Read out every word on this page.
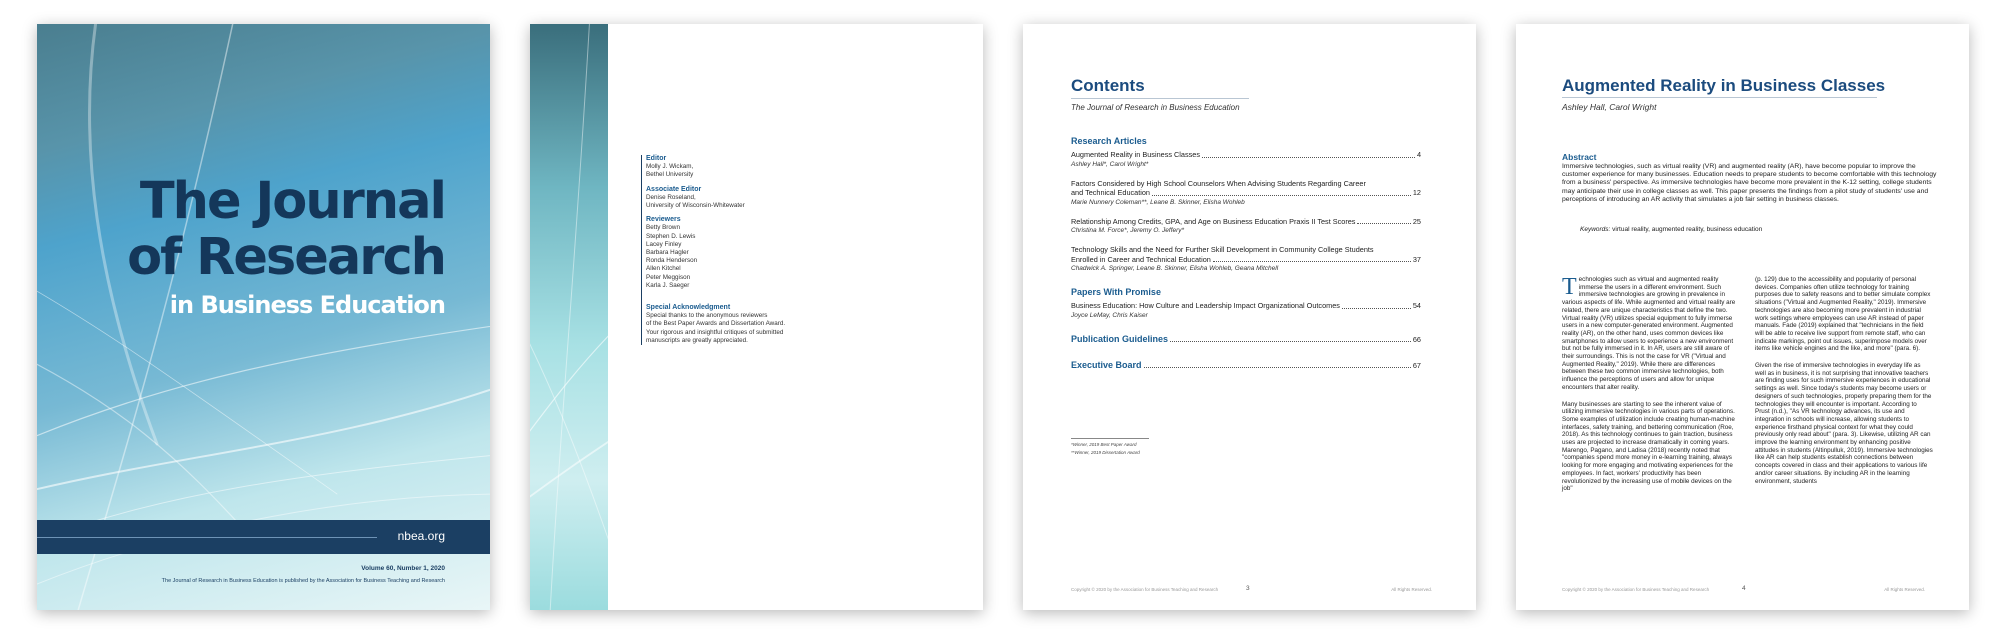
The Journal
of Research
in Business Education
nbea.org
Volume 60, Number 1, 2020
The Journal of Research in Business Education is published by the Association for Business Teaching and Research
Editor
Molly J. Wickam,
Bethel University
Associate Editor
Denise Roseland,
University of Wisconsin-Whitewater
Reviewers
Betty Brown
Stephen D. Lewis
Lacey Finley
Barbara Hagler
Ronda Henderson
Allen Kitchel
Peter Meggison
Karla J. Saeger
Special Acknowledgment
Special thanks to the anonymous reviewers
of the Best Paper Awards and Dissertation Award.
Your rigorous and insightful critiques of submitted
manuscripts are greatly appreciated.
Contents
The Journal of Research in Business Education
Research Articles
Augmented Reality in Business Classes	4
Ashley Hall*, Carol Wright*
Factors Considered by High School Counselors When Advising Students Regarding Career
and Technical Education	12
Marie Nunnery Coleman**, Leane B. Skinner, Elisha Wohleb
Relationship Among Credits, GPA, and Age on Business Education Praxis II Test Scores	25
Christina M. Force*, Jeremy O. Jeffery*
Technology Skills and the Need for Further Skill Development in Community College Students
Enrolled in Career and Technical Education	37
Chadwick A. Springer, Leane B. Skinner, Elisha Wohleb, Geana Mitchell
Papers With Promise
Business Education: How Culture and Leadership Impact Organizational Outcomes	54
Joyce LeMay, Chris Kaiser
Publication Guidelines	66
Executive Board	67
*Winner, 2019 Best Paper Award
**Winner, 2019 Dissertation Award
Copyright © 2020 by the Association for Business Teaching and Research	3	All Rights Reserved.
Augmented Reality in Business Classes
Ashley Hall, Carol Wright
Abstract
Immersive technologies, such as virtual reality (VR) and augmented reality (AR), have become popular to improve the customer experience for many businesses. Education needs to prepare students to become comfortable with this technology from a business' perspective. As immersive technologies have become more prevalent in the K-12 setting, college students may anticipate their use in college classes as well. This paper presents the findings from a pilot study of students' use and perceptions of introducing an AR activity that simulates a job fair setting in business classes.
Keywords: virtual reality, augmented reality, business education

T echnologies such as virtual and augmented reality immerse the users in a different environment. Such immersive technologies are growing in prevalence in various aspects of life. While augmented and virtual reality are related, there are unique characteristics that define the two. Virtual reality (VR) utilizes special equipment to fully immerse users in a new computer-generated environment. Augmented reality (AR), on the other hand, uses common devices like smartphones to allow users to experience a new environment but not be fully immersed in it. In AR, users are still aware of their surroundings. This is not the case for VR ("Virtual and Augmented Reality," 2019). While there are differences between these two common immersive technologies, both influence the perceptions of users and allow for unique encounters that alter reality.

Many businesses are starting to see the inherent value of utilizing immersive technologies in various parts of operations. Some examples of utilization include creating human-machine interfaces, safety training, and bettering communication (Roe, 2018). As this technology continues to gain traction, business uses are projected to increase dramatically in coming years. Marengo, Pagano, and Ladisa (2018) recently noted that "companies spend more money in e-learning training, always looking for more engaging and motivating experiences for the employees. In fact, workers' productivity has been revolutionized by the increasing use of mobile devices on the job"

(p. 129) due to the accessibility and popularity of personal devices. Companies often utilize technology for training purposes due to safety reasons and to better simulate complex situations ("Virtual and Augmented Reality," 2019). Immersive technologies are also becoming more prevalent in industrial work settings where employees can use AR instead of paper manuals. Fade (2019) explained that "technicians in the field will be able to receive live support from remote staff, who can indicate markings, point out issues, superimpose models over items like vehicle engines and the like, and more" (para. 6).

Given the rise of immersive technologies in everyday life as well as in business, it is not surprising that innovative teachers are finding uses for such immersive experiences in educational settings as well. Since today's students may become users or designers of such technologies, properly preparing them for the technologies they will encounter is important. According to Prust (n.d.), "As VR technology advances, its use and integration in schools will increase, allowing students to experience firsthand physical context for what they could previously only read about" (para. 3). Likewise, utilizing AR can improve the learning environment by enhancing positive attitudes in students (Altinpulluk, 2019). Immersive technologies like AR can help students establish connections between concepts covered in class and their applications to various life and/or career situations. By including AR in the learning environment, students

Copyright © 2020 by the Association for Business Teaching and Research	4	All Rights Reserved.
